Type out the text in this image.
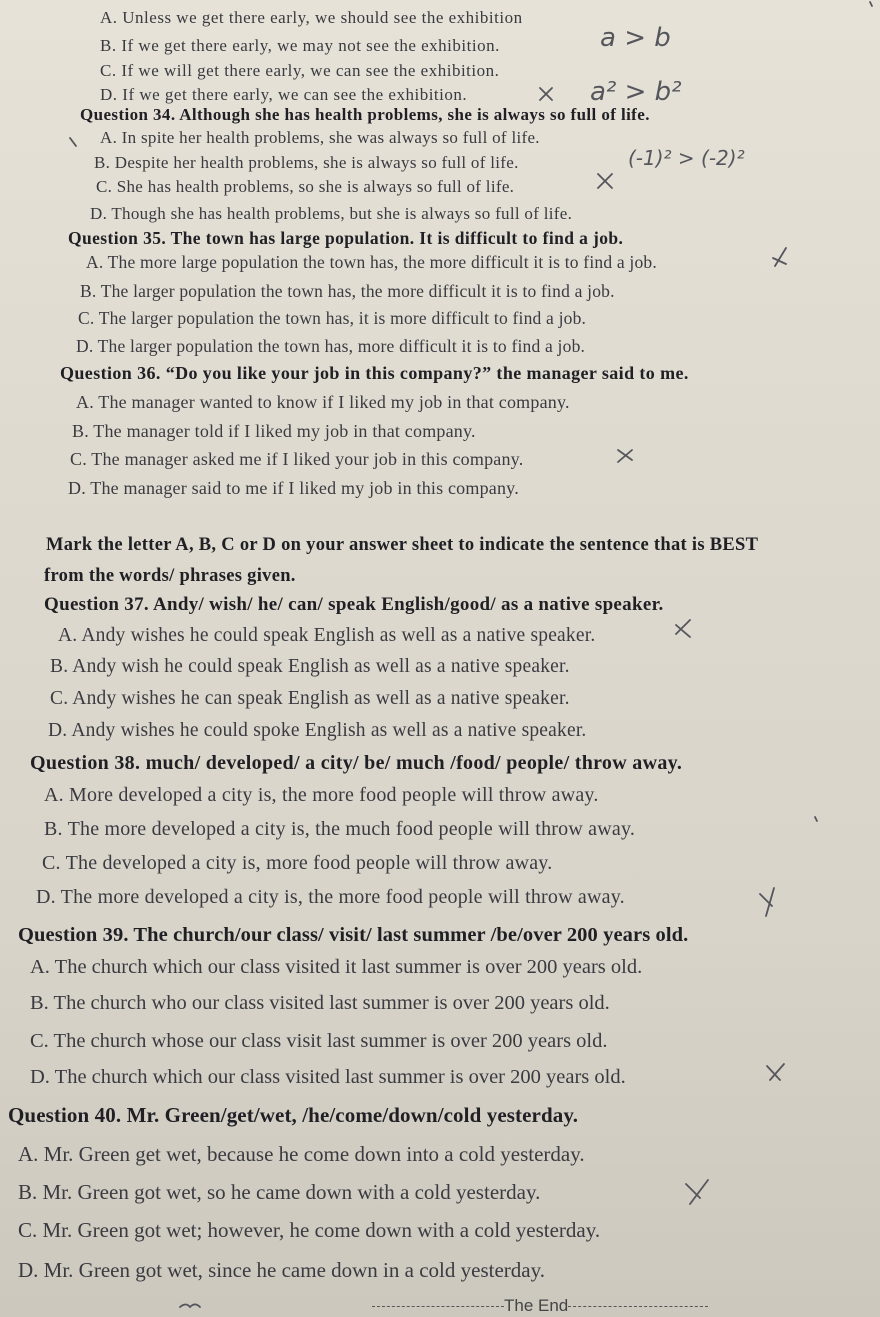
A. Unless we get there early, we should see the exhibition
B. If we get there early, we may not see the exhibition.
C. If we will get there early, we can see the exhibition.
D. If we get there early, we can see the exhibition.
Question 34. Although she has health problems, she is always so full of life.
A. In spite her health problems, she was always so full of life.
B. Despite her health problems, she is always so full of life.
C. She has health problems, so she is always so full of life.
D. Though she has health problems, but she is always so full of life.
Question 35. The town has large population. It is difficult to find a job.
A. The more large population the town has, the more difficult it is to find a job.
B. The larger population the town has, the more difficult it is to find a job.
C. The larger population the town has, it is more difficult to find a job.
D. The larger population the town has, more difficult it is to find a job.
Question 36. “Do you like your job in this company?” the manager said to me.
A. The manager wanted to know if I liked my job in that company.
B. The manager told if I liked my job in that company.
C. The manager asked me if I liked your job in this company.
D. The manager said to me if I liked my job in this company.
Mark the letter A, B, C or D on your answer sheet to indicate the sentence that is BEST
from the words/ phrases given.
Question 37. Andy/ wish/ he/ can/ speak English/good/ as a native speaker.
A. Andy wishes he could speak English as well as a native speaker.
B. Andy wish he could speak English as well as a native speaker.
C. Andy wishes he can speak English as well as a native speaker.
D. Andy wishes he could spoke English as well as a native speaker.
Question 38. much/ developed/ a city/ be/ much /food/ people/ throw away.
A. More developed a city is, the more food people will throw away.
B. The more developed a city is, the much food people will throw away.
C. The developed a city is, more food people will throw away.
D. The more developed a city is, the more food people will throw away.
Question 39. The church/our class/ visit/ last summer /be/over 200 years old.
A. The church which our class visited it last summer is over 200 years old.
B. The church who our class visited last summer is over 200 years old.
C. The church whose our class visit last summer is over 200 years old.
D. The church which our class visited last summer is over 200 years old.
Question 40. Mr. Green/get/wet, /he/come/down/cold yesterday.
A. Mr. Green get wet, because he come down into a cold yesterday.
B. Mr. Green got wet, so he came down with a cold yesterday.
C. Mr. Green got wet; however, he come down with a cold yesterday.
D. Mr. Green got wet, since he came down in a cold yesterday.
The End
a > b
a² > b²
(-1)² > (-2)²
